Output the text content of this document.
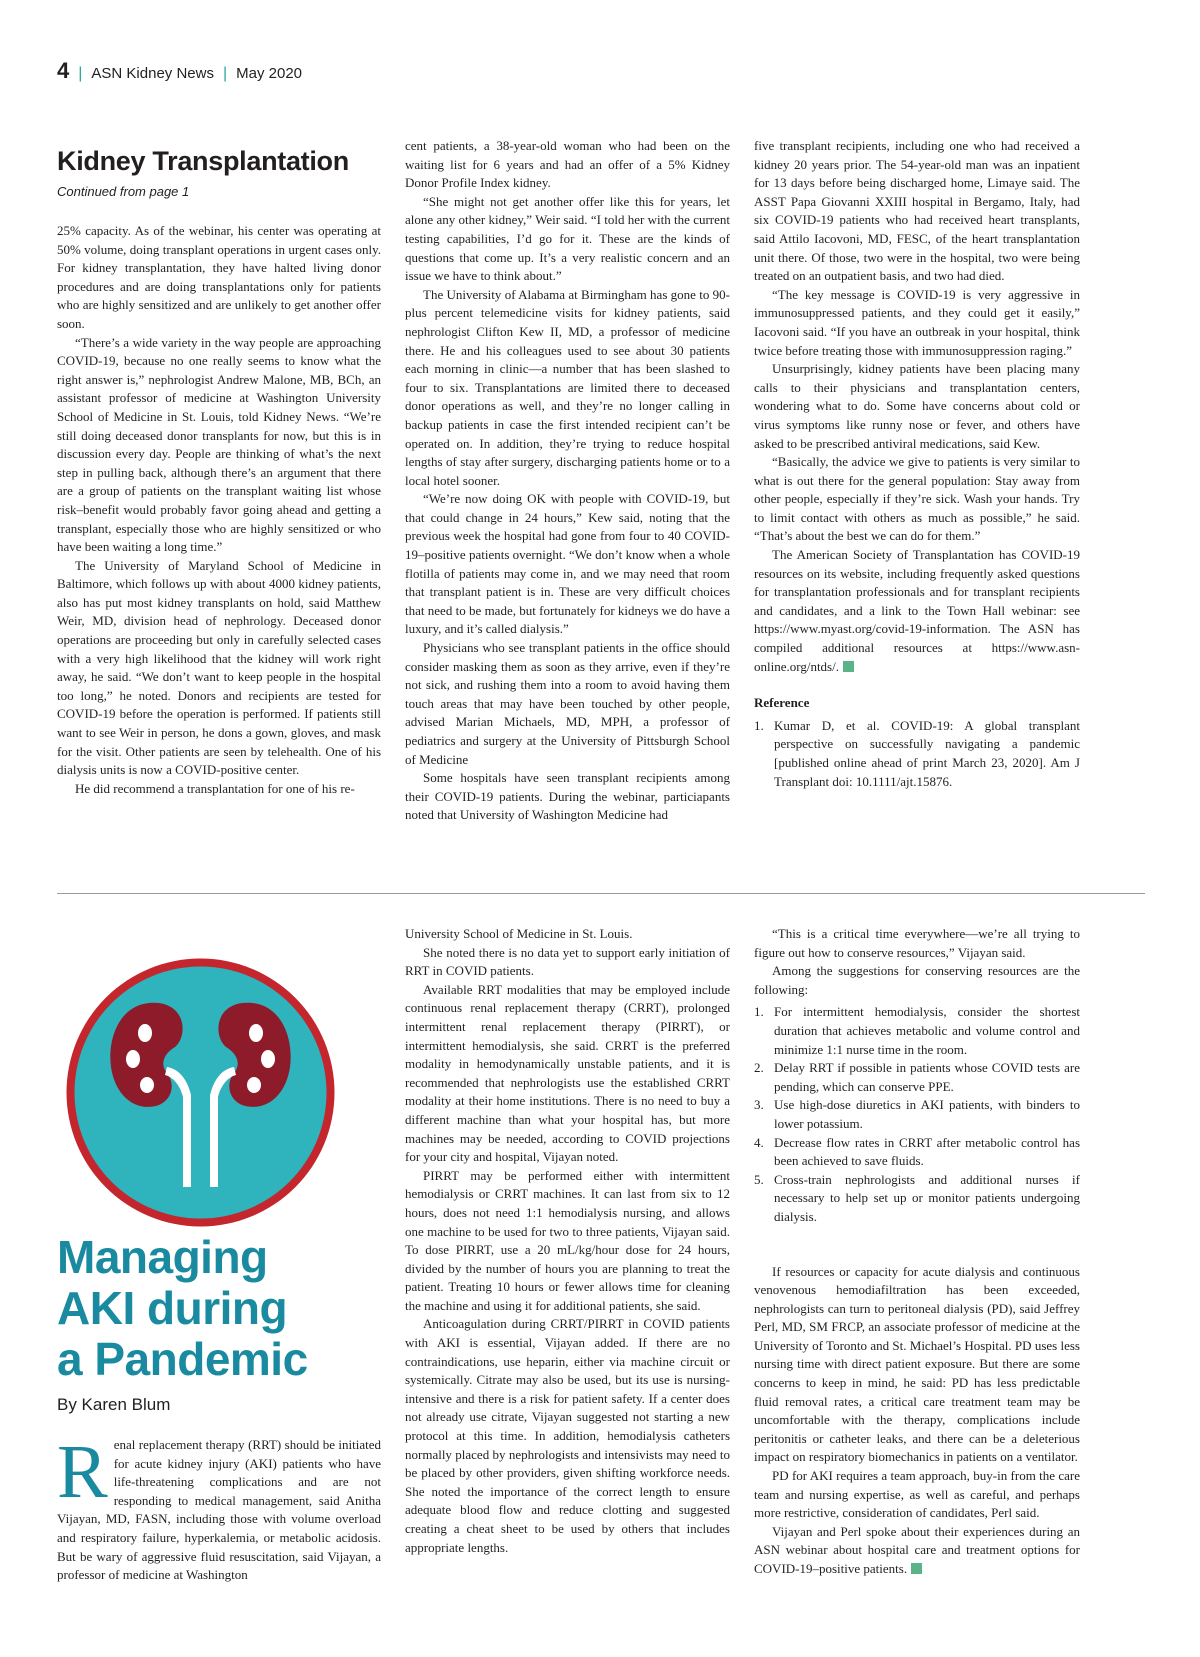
4 | ASN Kidney News | May 2020
Kidney Transplantation
Continued from page 1

25% capacity. As of the webinar, his center was operating at 50% volume, doing transplant operations in urgent cases only. For kidney transplantation, they have halted living donor procedures and are doing transplantations only for patients who are highly sensitized and are unlikely to get another offer soon.

“There’s a wide variety in the way people are approaching COVID-19, because no one really seems to know what the right answer is,” nephrologist Andrew Malone, MB, BCh, an assistant professor of medicine at Washington University School of Medicine in St. Louis, told Kidney News. “We’re still doing deceased donor transplants for now, but this is in discussion every day. People are thinking of what’s the next step in pulling back, although there’s an argument that there are a group of patients on the transplant waiting list whose risk–benefit would probably favor going ahead and getting a transplant, especially those who are highly sensitized or who have been waiting a long time.”

The University of Maryland School of Medicine in Baltimore, which follows up with about 4000 kidney patients, also has put most kidney transplants on hold, said Matthew Weir, MD, division head of nephrology. Deceased donor operations are proceeding but only in carefully selected cases with a very high likelihood that the kidney will work right away, he said. “We don’t want to keep people in the hospital too long,” he noted. Donors and recipients are tested for COVID-19 before the operation is performed. If patients still want to see Weir in person, he dons a gown, gloves, and mask for the visit. Other patients are seen by telehealth. One of his dialysis units is now a COVID-positive center.

He did recommend a transplantation for one of his re-

cent patients, a 38-year-old woman who had been on the waiting list for 6 years and had an offer of a 5% Kidney Donor Profile Index kidney.

“She might not get another offer like this for years, let alone any other kidney,” Weir said. “I told her with the current testing capabilities, I’d go for it. These are the kinds of questions that come up. It’s a very realistic concern and an issue we have to think about.”

The University of Alabama at Birmingham has gone to 90-plus percent telemedicine visits for kidney patients, said nephrologist Clifton Kew II, MD, a professor of medicine there. He and his colleagues used to see about 30 patients each morning in clinic—a number that has been slashed to four to six. Transplantations are limited there to deceased donor operations as well, and they’re no longer calling in backup patients in case the first intended recipient can’t be operated on. In addition, they’re trying to reduce hospital lengths of stay after surgery, discharging patients home or to a local hotel sooner.

“We’re now doing OK with people with COVID-19, but that could change in 24 hours,” Kew said, noting that the previous week the hospital had gone from four to 40 COVID-19–positive patients overnight. “We don’t know when a whole flotilla of patients may come in, and we may need that room that transplant patient is in. These are very difficult choices that need to be made, but fortunately for kidneys we do have a luxury, and it’s called dialysis.”

Physicians who see transplant patients in the office should consider masking them as soon as they arrive, even if they’re not sick, and rushing them into a room to avoid having them touch areas that may have been touched by other people, advised Marian Michaels, MD, MPH, a professor of pediatrics and surgery at the University of Pittsburgh School of Medicine

Some hospitals have seen transplant recipients among their COVID-19 patients. During the webinar, particiapants noted that University of Washington Medicine had

five transplant recipients, including one who had received a kidney 20 years prior. The 54-year-old man was an inpatient for 13 days before being discharged home, Limaye said. The ASST Papa Giovanni XXIII hospital in Bergamo, Italy, had six COVID-19 patients who had received heart transplants, said Attilo Iacovoni, MD, FESC, of the heart transplantation unit there. Of those, two were in the hospital, two were being treated on an outpatient basis, and two had died.

“The key message is COVID-19 is very aggressive in immunosuppressed patients, and they could get it easily,” Iacovoni said. “If you have an outbreak in your hospital, think twice before treating those with immunosuppression raging.”

Unsurprisingly, kidney patients have been placing many calls to their physicians and transplantation centers, wondering what to do. Some have concerns about cold or virus symptoms like runny nose or fever, and others have asked to be prescribed antiviral medications, said Kew.

“Basically, the advice we give to patients is very similar to what is out there for the general population: Stay away from other people, especially if they’re sick. Wash your hands. Try to limit contact with others as much as possible,” he said. “That’s about the best we can do for them.”

The American Society of Transplantation has COVID-19 resources on its website, including frequently asked questions for transplantation professionals and for transplant recipients and candidates, and a link to the Town Hall webinar: see https://www.myast.org/covid-19-information. The ASN has compiled additional resources at https://www.asn-online.org/ntds/.

Reference

1. Kumar D, et al. COVID-19: A global transplant perspective on successfully navigating a pandemic [published online ahead of print March 23, 2020]. Am J Transplant doi: 10.1111/ajt.15876.
Managing
AKI during
a Pandemic
By Karen Blum

Renal replacement therapy (RRT) should be initiated for acute kidney injury (AKI) patients who have life-threatening complications and are not responding to medical management, said Anitha Vijayan, MD, FASN, including those with volume overload and respiratory failure, hyperkalemia, or metabolic acidosis. But be wary of aggressive fluid resuscitation, said Vijayan, a professor of medicine at Washington

University School of Medicine in St. Louis.

She noted there is no data yet to support early initiation of RRT in COVID patients.

Available RRT modalities that may be employed include continuous renal replacement therapy (CRRT), prolonged intermittent renal replacement therapy (PIRRT), or intermittent hemodialysis, she said. CRRT is the preferred modality in hemodynamically unstable patients, and it is recommended that nephrologists use the established CRRT modality at their home institutions. There is no need to buy a different machine than what your hospital has, but more machines may be needed, according to COVID projections for your city and hospital, Vijayan noted.

PIRRT may be performed either with intermittent hemodialysis or CRRT machines. It can last from six to 12 hours, does not need 1:1 hemodialysis nursing, and allows one machine to be used for two to three patients, Vijayan said. To dose PIRRT, use a 20 mL/kg/hour dose for 24 hours, divided by the number of hours you are planning to treat the patient. Treating 10 hours or fewer allows time for cleaning the machine and using it for additional patients, she said.

Anticoagulation during CRRT/PIRRT in COVID patients with AKI is essential, Vijayan added. If there are no contraindications, use heparin, either via machine circuit or systemically. Citrate may also be used, but its use is nursing-intensive and there is a risk for patient safety. If a center does not already use citrate, Vijayan suggested not starting a new protocol at this time. In addition, hemodialysis catheters normally placed by nephrologists and intensivists may need to be placed by other providers, given shifting workforce needs. She noted the importance of the correct length to ensure adequate blood flow and reduce clotting and suggested creating a cheat sheet to be used by others that includes appropriate lengths.

“This is a critical time everywhere—we’re all trying to figure out how to conserve resources,” Vijayan said.

Among the suggestions for conserving resources are the following:

1. For intermittent hemodialysis, consider the shortest duration that achieves metabolic and volume control and minimize 1:1 nurse time in the room.
2. Delay RRT if possible in patients whose COVID tests are pending, which can conserve PPE.
3. Use high-dose diuretics in AKI patients, with binders to lower potassium.
4. Decrease flow rates in CRRT after metabolic control has been achieved to save fluids.
5. Cross-train nephrologists and additional nurses if necessary to help set up or monitor patients undergoing dialysis.

If resources or capacity for acute dialysis and continuous venovenous hemodiafiltration has been exceeded, nephrologists can turn to peritoneal dialysis (PD), said Jeffrey Perl, MD, SM FRCP, an associate professor of medicine at the University of Toronto and St. Michael’s Hospital. PD uses less nursing time with direct patient exposure. But there are some concerns to keep in mind, he said: PD has less predictable fluid removal rates, a critical care treatment team may be uncomfortable with the therapy, complications include peritonitis or catheter leaks, and there can be a deleterious impact on respiratory biomechanics in patients on a ventilator.

PD for AKI requires a team approach, buy-in from the care team and nursing expertise, as well as careful, and perhaps more restrictive, consideration of candidates, Perl said.

Vijayan and Perl spoke about their experiences during an ASN webinar about hospital care and treatment options for COVID-19–positive patients.
